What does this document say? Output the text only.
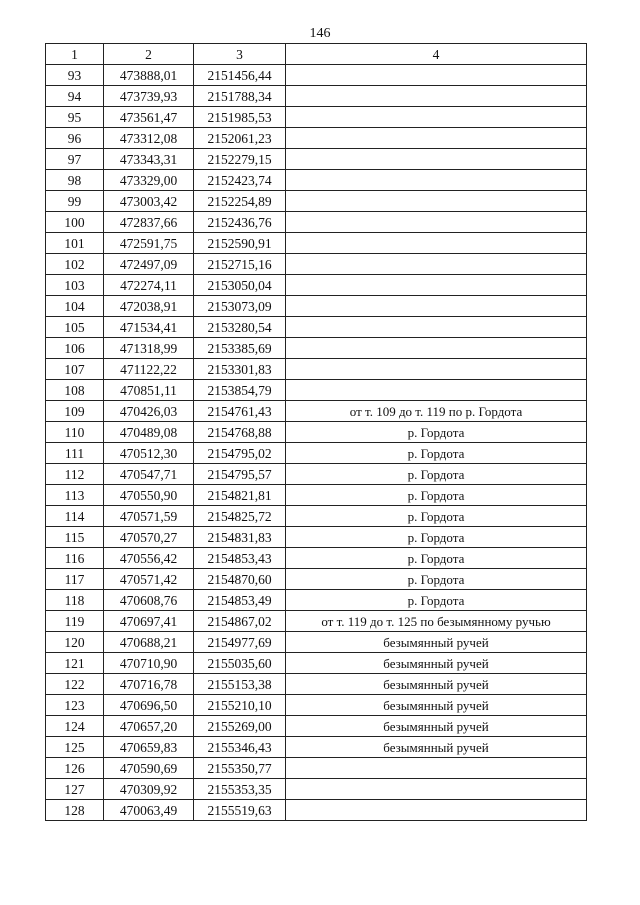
146
1	2	3	4
93	473888,01	2151456,44	
94	473739,93	2151788,34	
95	473561,47	2151985,53	
96	473312,08	2152061,23	
97	473343,31	2152279,15	
98	473329,00	2152423,74	
99	473003,42	2152254,89	
100	472837,66	2152436,76	
101	472591,75	2152590,91	
102	472497,09	2152715,16	
103	472274,11	2153050,04	
104	472038,91	2153073,09	
105	471534,41	2153280,54	
106	471318,99	2153385,69	
107	471122,22	2153301,83	
108	470851,11	2153854,79	
109	470426,03	2154761,43	от т. 109 до т. 119 по р. Гордота
110	470489,08	2154768,88	р. Гордота
111	470512,30	2154795,02	р. Гордота
112	470547,71	2154795,57	р. Гордота
113	470550,90	2154821,81	р. Гордота
114	470571,59	2154825,72	р. Гордота
115	470570,27	2154831,83	р. Гордота
116	470556,42	2154853,43	р. Гордота
117	470571,42	2154870,60	р. Гордота
118	470608,76	2154853,49	р. Гордота
119	470697,41	2154867,02	от т. 119 до т. 125 по безымянному ручью
120	470688,21	2154977,69	безымянный ручей
121	470710,90	2155035,60	безымянный ручей
122	470716,78	2155153,38	безымянный ручей
123	470696,50	2155210,10	безымянный ручей
124	470657,20	2155269,00	безымянный ручей
125	470659,83	2155346,43	безымянный ручей
126	470590,69	2155350,77	
127	470309,92	2155353,35	
128	470063,49	2155519,63	
